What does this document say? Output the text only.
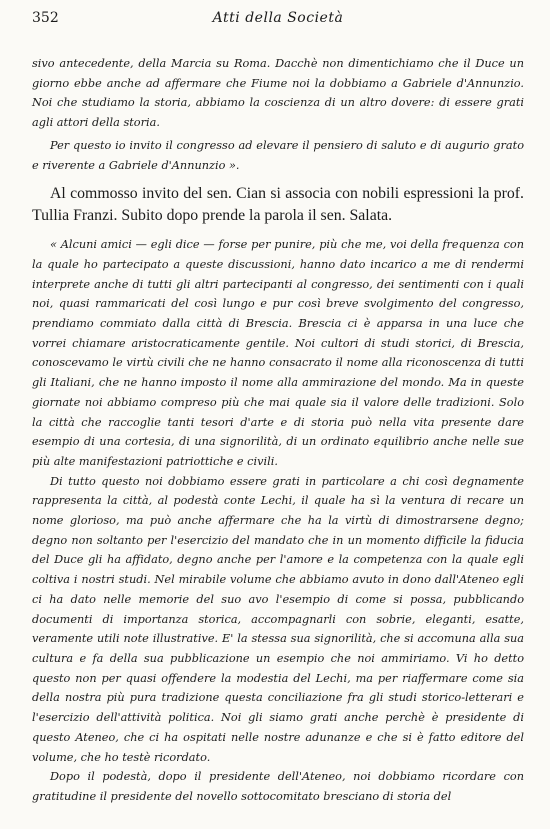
352	Atti della Società

sivo antecedente, della Marcia su Roma. Dacchè non dimentichiamo che il Duce un giorno ebbe anche ad affermare che Fiume noi la dobbiamo a Gabriele d'Annunzio. Noi che studiamo la storia, abbiamo la coscienza di un altro dovere: di essere grati agli attori della storia.

Per questo io invito il congresso ad elevare il pensiero di saluto e di augurio grato e riverente a Gabriele d'Annunzio ».

Al commosso invito del sen. Cian si associa con nobili espressioni la prof. Tullia Franzi. Subito dopo prende la parola il sen. Salata.

« Alcuni amici — egli dice — forse per punire, più che me, voi della frequenza con la quale ho partecipato a queste discussioni, hanno dato incarico a me di rendermi interprete anche di tutti gli altri partecipanti al congresso, dei sentimenti con i quali noi, quasi rammaricati del così lungo e pur così breve svolgimento del congresso, prendiamo commiato dalla città di Brescia. Brescia ci è apparsa in una luce che vorrei chiamare aristocraticamente gentile. Noi cultori di studi storici, di Brescia, conoscevamo le virtù civili che ne hanno consacrato il nome alla riconoscenza di tutti gli Italiani, che ne hanno imposto il nome alla ammirazione del mondo. Ma in queste giornate noi abbiamo compreso più che mai quale sia il valore delle tradizioni. Solo la città che raccoglie tanti tesori d'arte e di storia può nella vita presente dare esempio di una cortesia, di una signorilità, di un ordinato equilibrio anche nelle sue più alte manifestazioni patriottiche e civili.

Di tutto questo noi dobbiamo essere grati in particolare a chi così degnamente rappresenta la città, al podestà conte Lechi, il quale ha sì la ventura di recare un nome glorioso, ma può anche affermare che ha la virtù di dimostrarsene degno; degno non soltanto per l'esercizio del mandato che in un momento difficile la fiducia del Duce gli ha affidato, degno anche per l'amore e la competenza con la quale egli coltiva i nostri studi. Nel mirabile volume che abbiamo avuto in dono dall'Ateneo egli ci ha dato nelle memorie del suo avo l'esempio di come si possa, pubblicando documenti di importanza storica, accompagnarli con sobrie, eleganti, esatte, veramente utili note illustrative. E' la stessa sua signorilità, che si accomuna alla sua cultura e fa della sua pubblicazione un esempio che noi ammiriamo. Vi ho detto questo non per quasi offendere la modestia del Lechi, ma per riaffermare come sia della nostra più pura tradizione questa conciliazione fra gli studi storico-letterari e l'esercizio dell'attività politica. Noi gli siamo grati anche perchè è presidente di questo Ateneo, che ci ha ospitati nelle nostre adunanze e che si è fatto editore del volume, che ho testè ricordato.

Dopo il podestà, dopo il presidente dell'Ateneo, noi dobbiamo ricordare con gratitudine il presidente del novello sottocomitato bresciano di storia del
